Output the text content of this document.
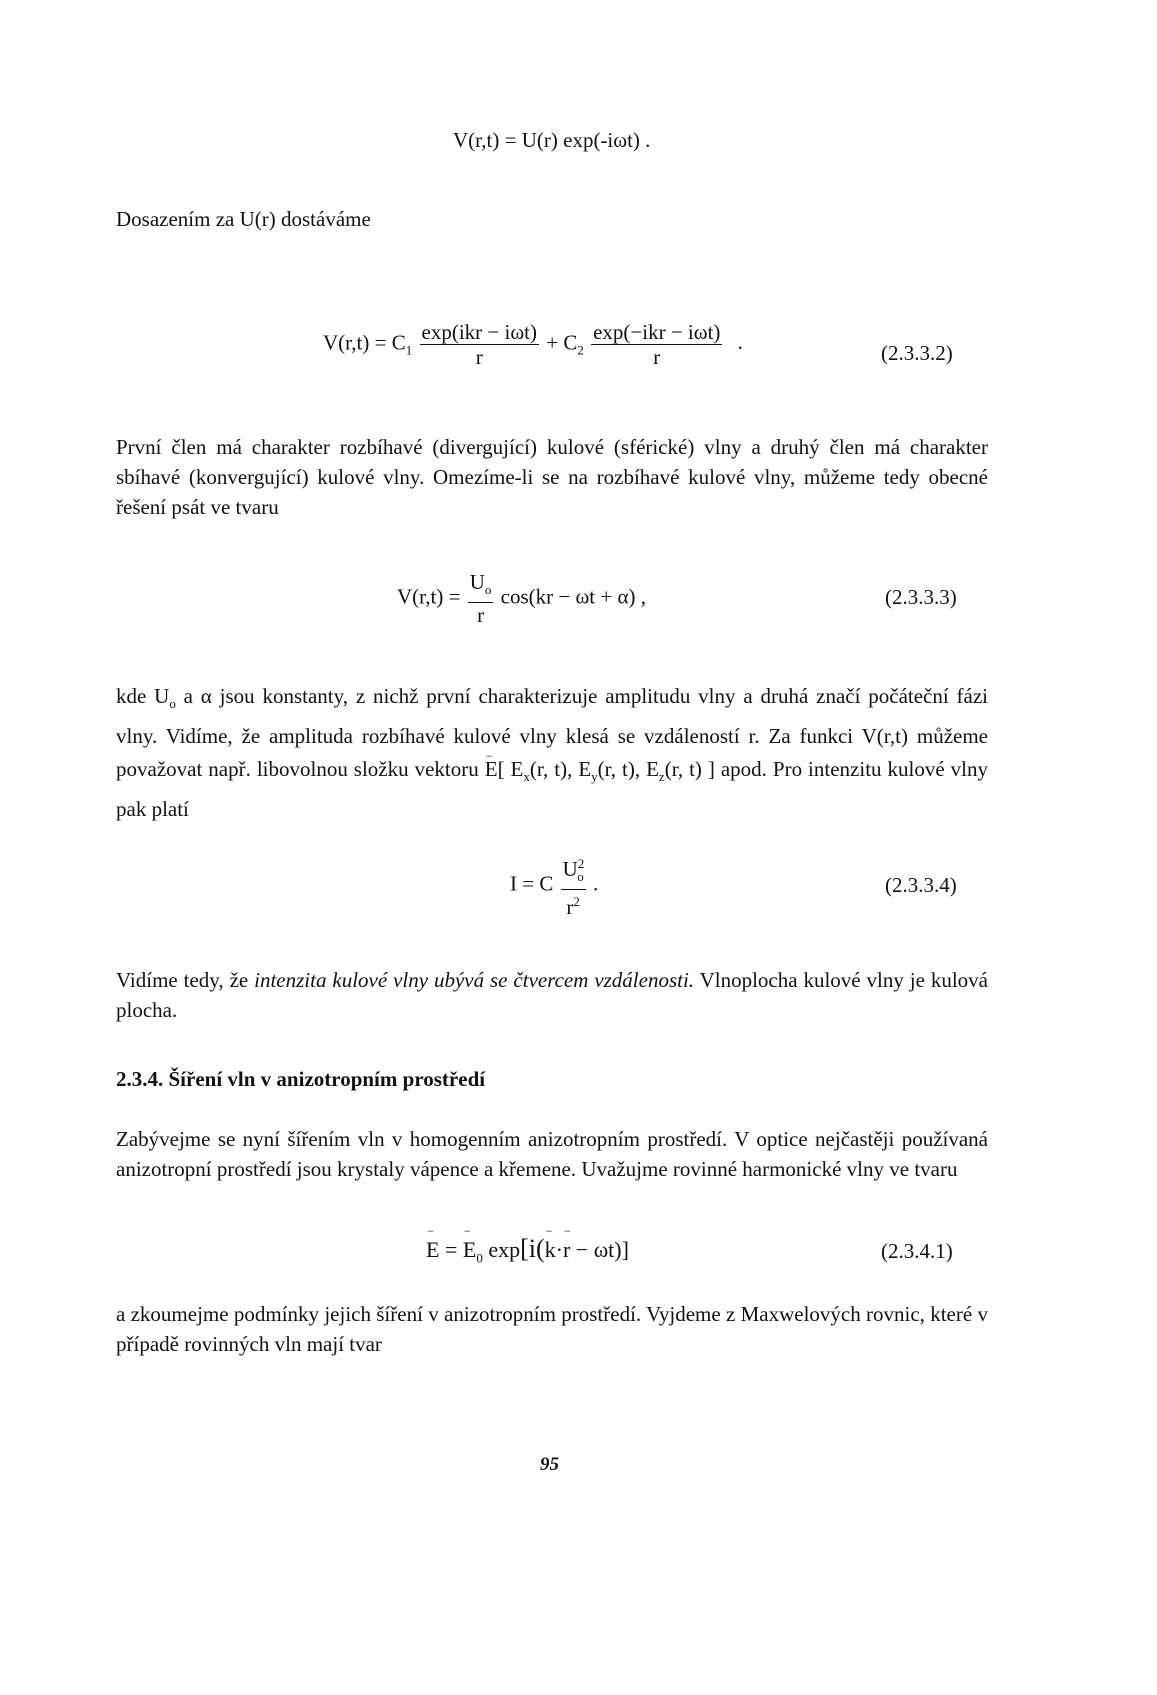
V(r,t) = U(r) exp(-iωt) .
Dosazením za U(r) dostáváme
$V(r,t) = C_1 \frac{\text{exp(ikr − iωt)}}{r} + C_2 \frac{\text{exp(−ikr − iωt)}}{r}$ .	(2.3.3.2)
První člen má charakter rozbíhavé (divergující) kulové (sférické) vlny a druhý člen má charakter sbíhavé (konvergující) kulové vlny. Omezíme-li se na rozbíhavé kulové vlny, můžeme tedy obecné řešení psát ve tvaru
$V(r,t) = \frac{U_o}{r} \cos(kr - \omega t + \alpha)$ ,	(2.3.3.3)
kde $U_o$ a α jsou konstanty, z nichž první charakterizuje amplitudu vlny a druhá značí počáteční fázi vlny. Vidíme, že amplituda rozbíhavé kulové vlny klesá se vzdáleností r. Za funkci V(r,t) můžeme považovat např. libovolnou složku vektoru − E[ $E_x(r$, t), $E_y(r$, t), $E_z(r$, t) ] apod. Pro intenzitu kulové vlny pak platí
I = C $\frac{U^2_o}{r^2}$ .	(2.3.3.4)
Vidíme tedy, že intenzita kulové vlny ubývá se čtvercem vzdálenosti. Vlnoplocha kulové vlny je kulová plocha.
2.3.4. Šíření vln v anizotropním prostředí
Zabývejme se nyní šířením vln v homogenním anizotropním prostředí. V optice nejčastěji používaná anizotropní prostředí jsou krystaly vápence a křemene. Uvažujme rovinné harmonické vlny ve tvaru
− E = − $E_0$ exp[i(− k·− r − ωt)]	(2.3.4.1)
a zkoumejme podmínky jejich šíření v anizotropním prostředí. Vyjdeme z Maxwelových rovnic, které v případě rovinných vln mají tvar
95
